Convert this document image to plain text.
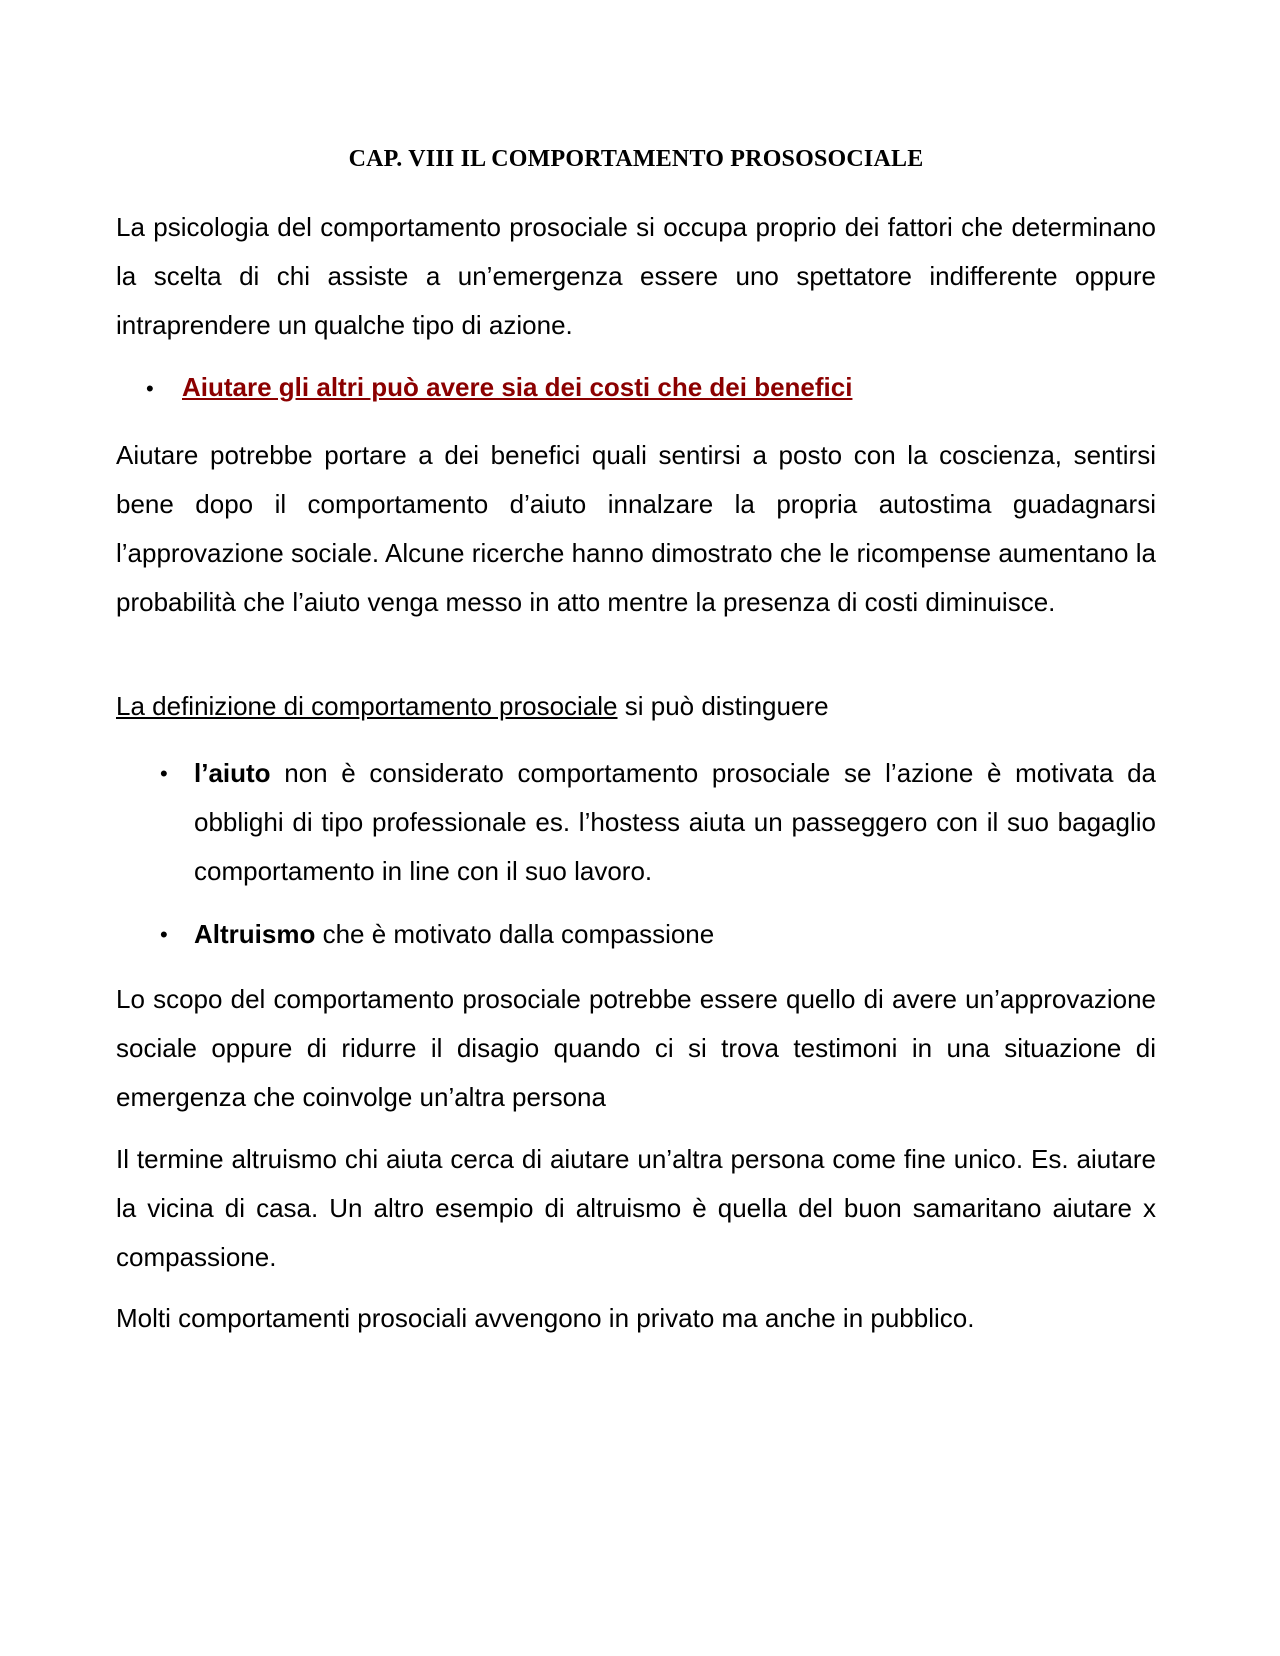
CAP. VIII IL COMPORTAMENTO PROSOSOCIALE

La psicologia del comportamento prosociale si occupa proprio dei fattori che determinano la scelta di chi assiste a un’emergenza essere uno spettatore indifferente oppure intraprendere un qualche tipo di azione.

• Aiutare gli altri può avere sia dei costi che dei benefici

Aiutare potrebbe portare a dei benefici quali sentirsi a posto con la coscienza, sentirsi bene dopo il comportamento d’aiuto innalzare la propria autostima guadagnarsi l’approvazione sociale. Alcune ricerche hanno dimostrato che le ricompense aumentano la probabilità che l’aiuto venga messo in atto mentre la presenza di costi diminuisce.

La definizione di comportamento prosociale si può distinguere

• l’aiuto non è considerato comportamento prosociale se l’azione è motivata da obblighi di tipo professionale es. l’hostess aiuta un passeggero con il suo bagaglio comportamento in line con il suo lavoro.

• Altruismo che è motivato dalla compassione

Lo scopo del comportamento prosociale potrebbe essere quello di avere un’approvazione sociale oppure di ridurre il disagio quando ci si trova testimoni in una situazione di emergenza che coinvolge un’altra persona

Il termine altruismo chi aiuta cerca di aiutare un’altra persona come fine unico. Es. aiutare la vicina di casa. Un altro esempio di altruismo è quella del buon samaritano aiutare x compassione.

Molti comportamenti prosociali avvengono in privato ma anche in pubblico.
